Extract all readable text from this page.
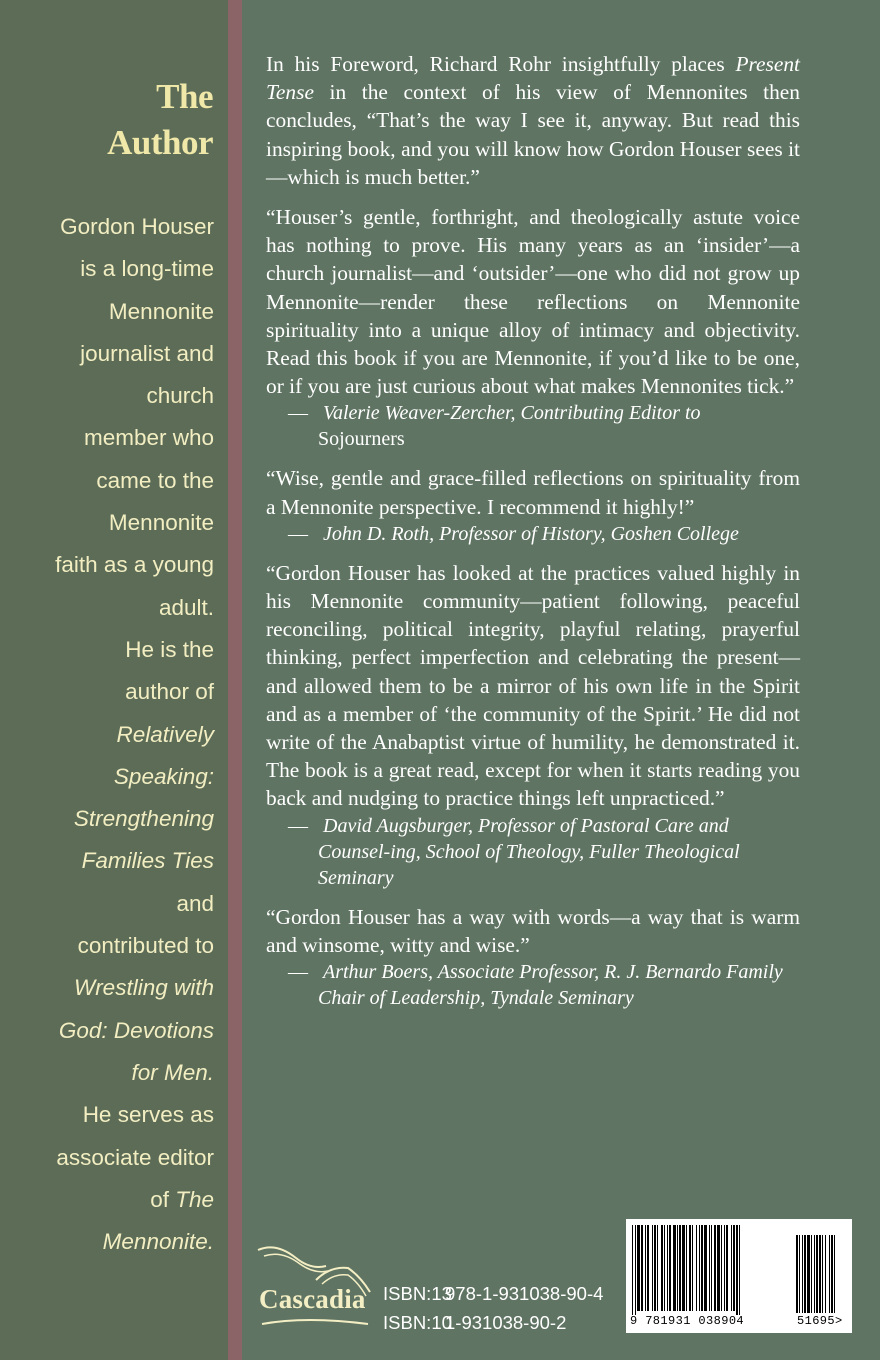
The
Author
Gordon Houser
is a long-time
Mennonite
journalist and
church
member who
came to the
Mennonite
faith as a young
adult.
He is the
author of
Relatively
Speaking:
Strengthening
Families Ties
and
contributed to
Wrestling with
God: Devotions
for Men.
He serves as
associate editor
of The
Mennonite.

In his Foreword, Richard Rohr insightfully places Present Tense in the context of his view of Mennonites then concludes, “That’s the way I see it, anyway. But read this inspiring book, and you will know how Gordon Houser sees it—which is much better.”

“Houser’s gentle, forthright, and theologically astute voice has nothing to prove. His many years as an ‘insider’—a church journalist—and ‘outsider’—one who did not grow up Mennonite—render these reflections on Mennonite spirituality into a unique alloy of intimacy and objectivity. Read this book if you are Mennonite, if you’d like to be one, or if you are just curious about what makes Mennonites tick.”

— Valerie Weaver-Zercher, Contributing Editor to
Sojourners

“Wise, gentle and grace-filled reflections on spirituality from a Mennonite perspective. I recommend it highly!”

— John D. Roth, Professor of History, Goshen College

“Gordon Houser has looked at the practices valued highly in his Mennonite community—patient following, peaceful reconciling, political integrity, playful relating, prayerful thinking, perfect imperfection and celebrating the present—and allowed them to be a mirror of his own life in the Spirit and as a member of ‘the community of the Spirit.’ He did not write of the Anabaptist virtue of humility, he demonstrated it. The book is a great read, except for when it starts reading you back and nudging to practice things left unpracticed.”

— David Augsburger, Professor of Pastoral Care and Counsel-ing, School of Theology, Fuller Theological Seminary

“Gordon Houser has a way with words—a way that is warm and winsome, witty and wise.”

— Arthur Boers, Associate Professor, R. J. Bernardo Family Chair of Leadership, Tyndale Seminary

Cascadia ISBN:13978-1-931038-90-4
ISBN:101-931038-90-2	9 781931 038904	51695>
